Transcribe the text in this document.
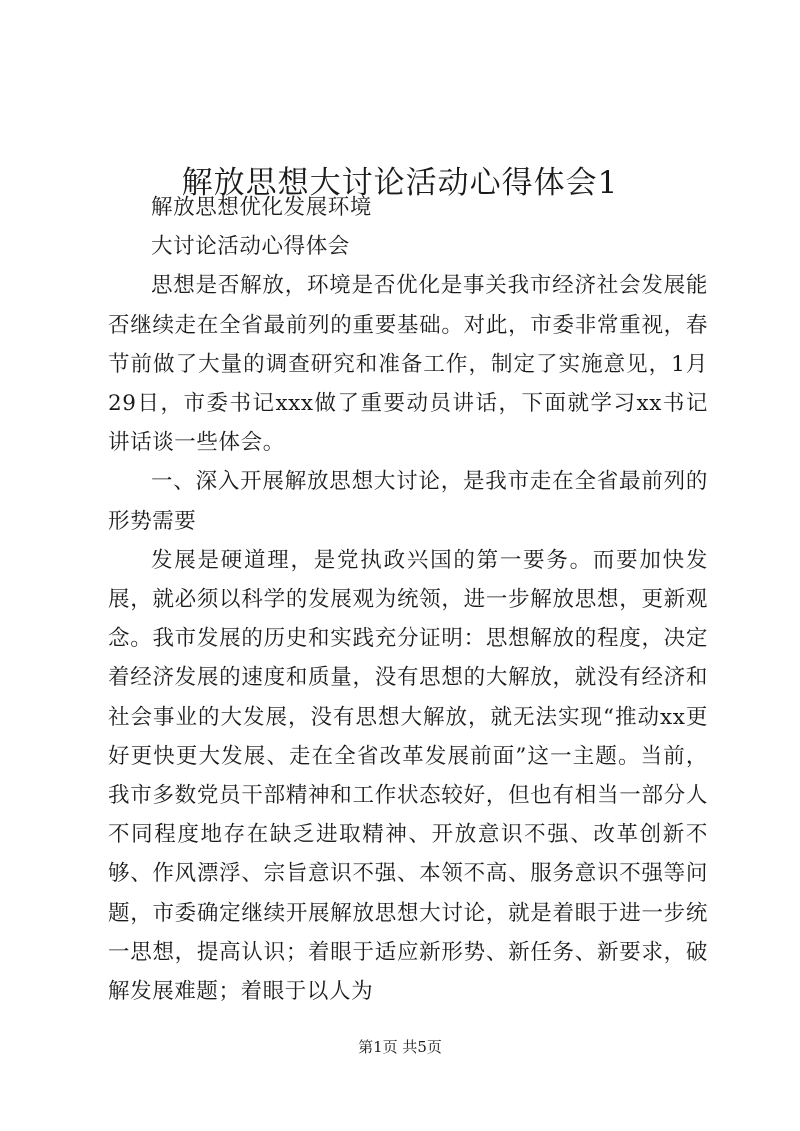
解放思想大讨论活动心得体会1

解放思想优化发展环境

大讨论活动心得体会

思想是否解放，环境是否优化是事关我市经济社会发展能否继续走在全省最前列的重要基础。对此，市委非常重视，春节前做了大量的调查研究和准备工作，制定了实施意见，1月29日，市委书记xxx做了重要动员讲话，下面就学习xx书记讲话谈一些体会。

一、深入开展解放思想大讨论，是我市走在全省最前列的形势需要

发展是硬道理，是党执政兴国的第一要务。而要加快发展，就必须以科学的发展观为统领，进一步解放思想，更新观念。我市发展的历史和实践充分证明：思想解放的程度，决定着经济发展的速度和质量，没有思想的大解放，就没有经济和社会事业的大发展，没有思想大解放，就无法实现“推动xx更好更快更大发展、走在全省改革发展前面”这一主题。当前，我市多数党员干部精神和工作状态较好，但也有相当一部分人不同程度地存在缺乏进取精神、开放意识不强、改革创新不够、作风漂浮、宗旨意识不强、本领不高、服务意识不强等问题，市委确定继续开展解放思想大讨论，就是着眼于进一步统一思想，提高认识；着眼于适应新形势、新任务、新要求，破解发展难题；着眼于以人为

第1页 共5页
